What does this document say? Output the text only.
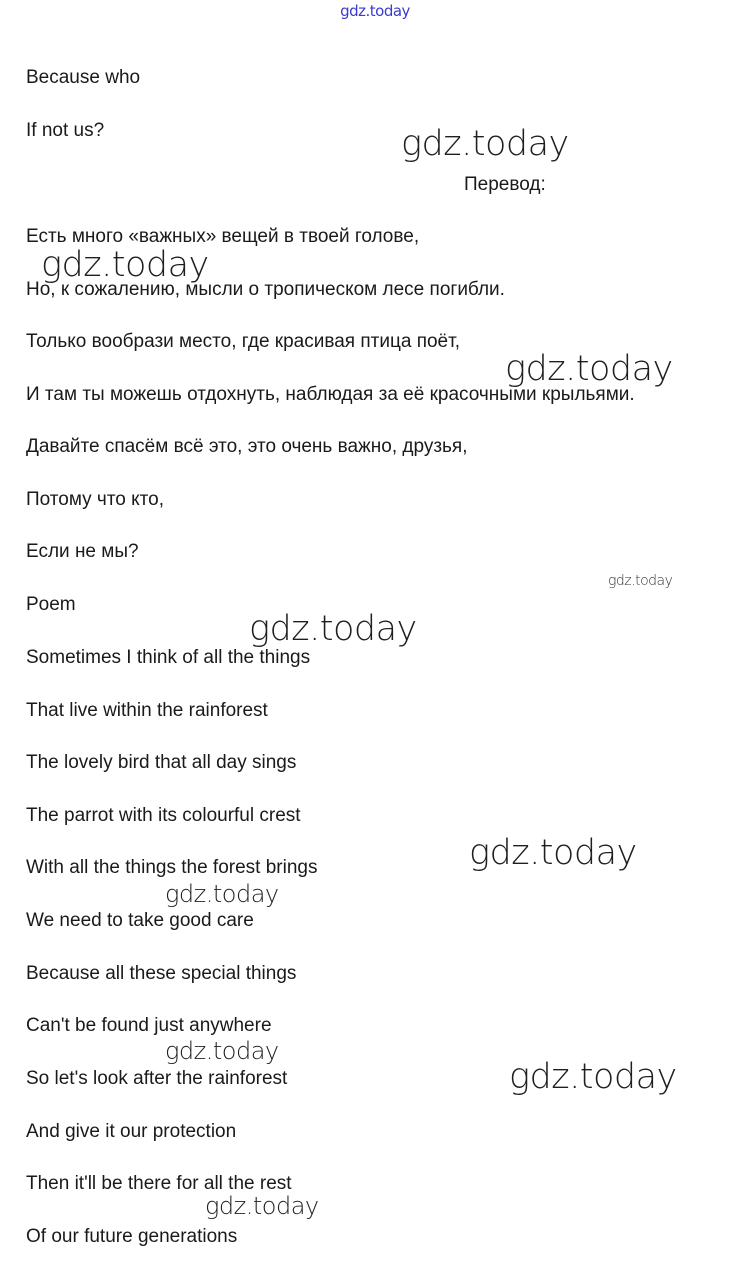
gdz.today
Because who
If not us?
Перевод:
Есть много «важных» вещей в твоей голове,
Но, к сожалению, мысли о тропическом лесе погибли.
Только вообрази место, где красивая птица поёт,
И там ты можешь отдохнуть, наблюдая за её красочными крыльями.
Давайте спасём всё это, это очень важно, друзья,
Потому что кто,
Если не мы?
Poem
Sometimes I think of all the things
That live within the rainforest
The lovely bird that all day sings
The parrot with its colourful crest
With all the things the forest brings
We need to take good care
Because all these special things
Can't be found just anywhere
So let's look after the rainforest
And give it our protection
Then it'll be there for all the rest
Of our future generations
gdz.today
gdz.today
gdz.today
gdz.today
gdz.today
gdz.today
gdz.today
gdz.today
gdz.today
gdz.today
